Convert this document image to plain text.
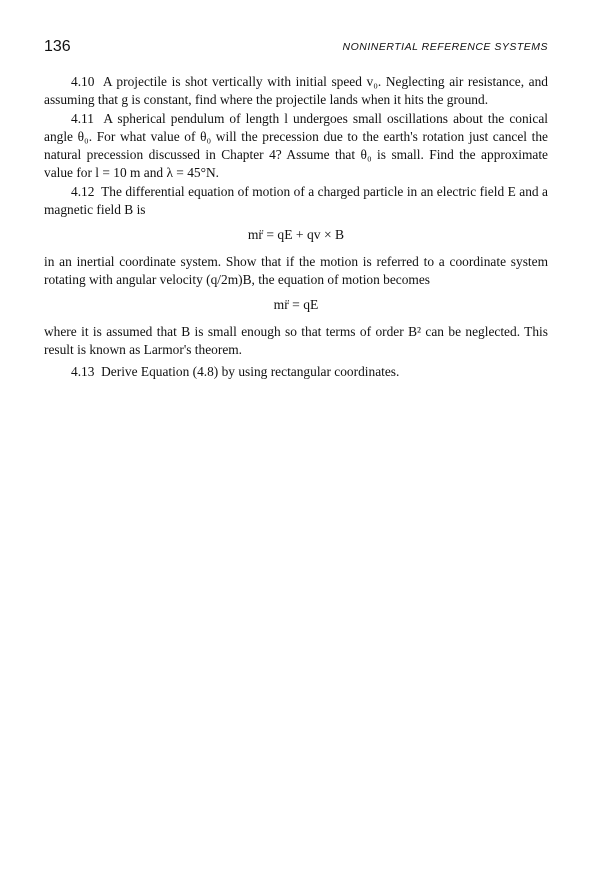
136	NONINERTIAL REFERENCE SYSTEMS

4.10 A projectile is shot vertically with initial speed v₀. Neglecting air resistance, and assuming that g is constant, find where the projectile lands when it hits the ground.

4.11 A spherical pendulum of length l undergoes small oscillations about the conical angle θ₀. For what value of θ₀ will the precession due to the earth's rotation just cancel the natural precession discussed in Chapter 4? Assume that θ₀ is small. Find the approximate value for l = 10 m and λ = 45°N.

4.12 The differential equation of motion of a charged particle in an electric field E and a magnetic field B is

mr̈ = qE + qv × B

in an inertial coordinate system. Show that if the motion is referred to a coordinate system rotating with angular velocity (q/2m)B, the equation of motion becomes

mr̈ = qE

where it is assumed that B is small enough so that terms of order B² can be neglected. This result is known as Larmor's theorem.

4.13 Derive Equation (4.8) by using rectangular coordinates.
